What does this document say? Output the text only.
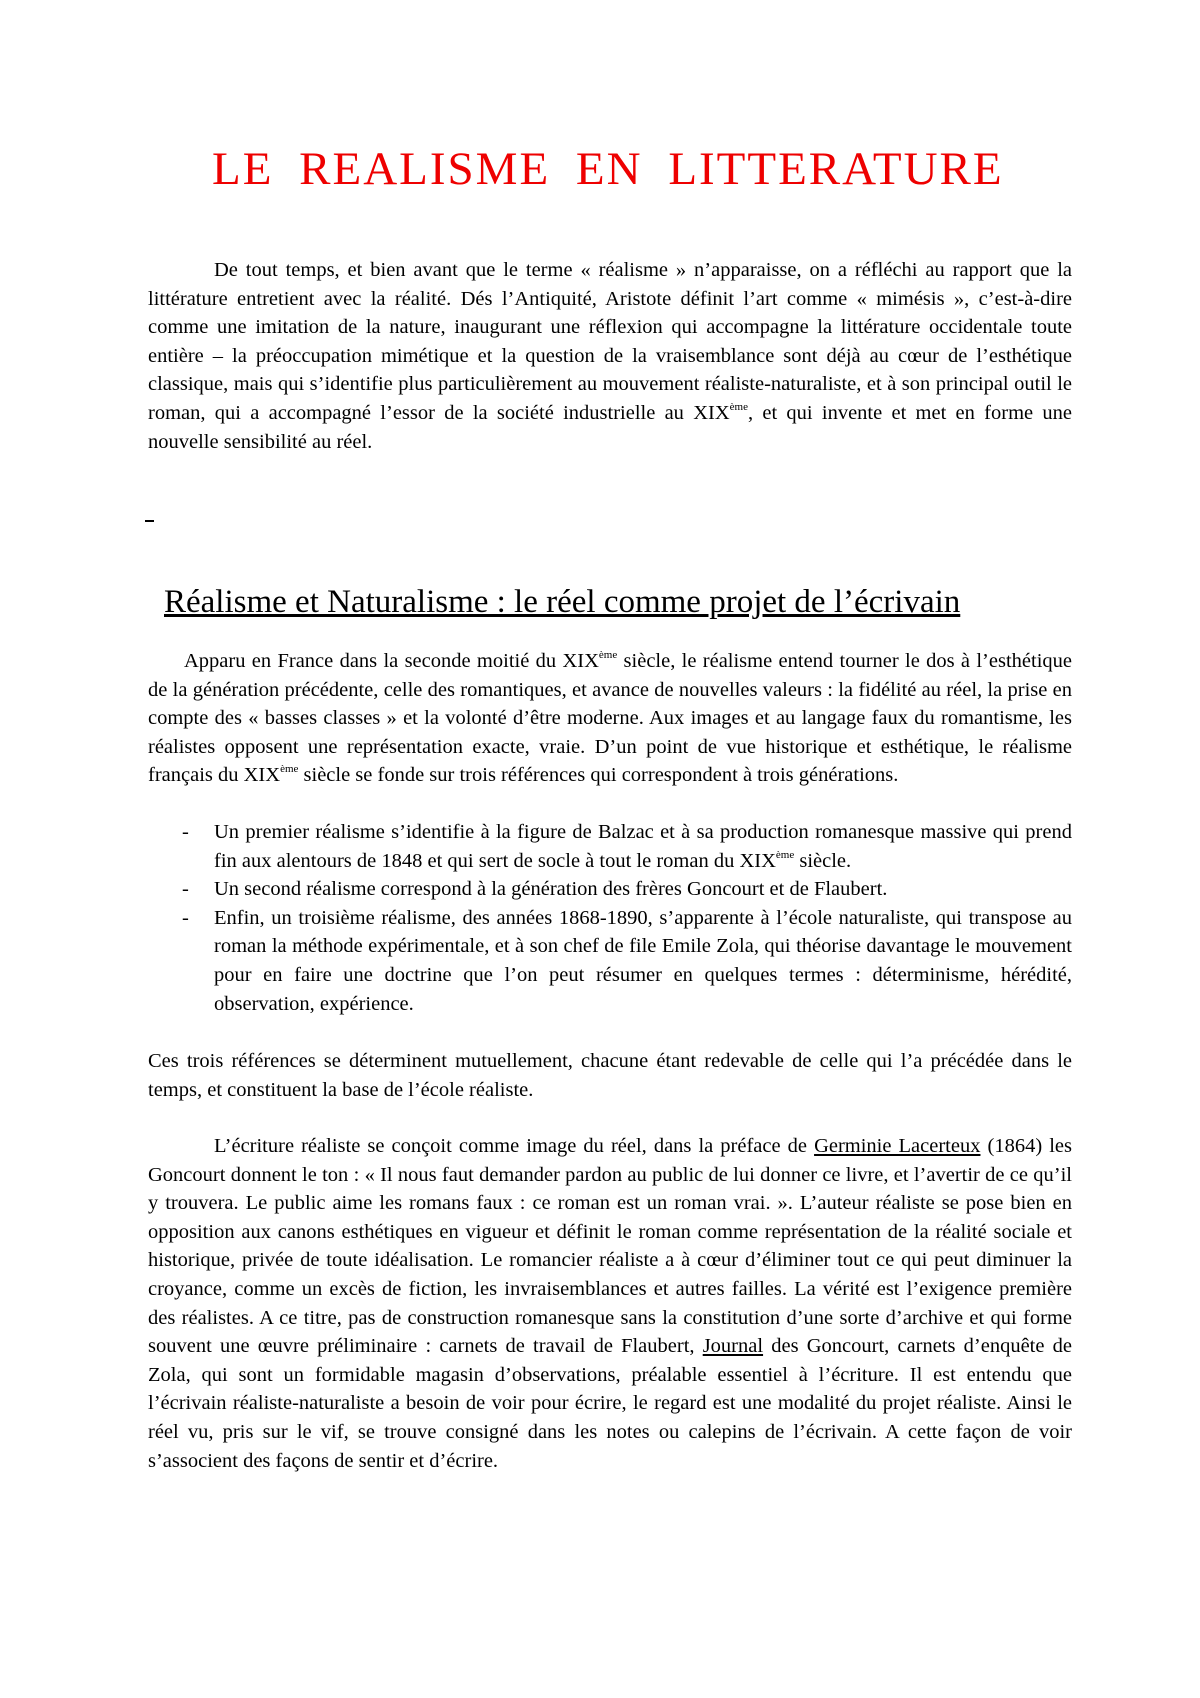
LE REALISME EN LITTERATURE

De tout temps, et bien avant que le terme « réalisme » n’apparaisse, on a réfléchi au rapport que la littérature entretient avec la réalité. Dés l’Antiquité, Aristote définit l’art comme « mimésis », c’est-à-dire comme une imitation de la nature, inaugurant une réflexion qui accompagne la littérature occidentale toute entière – la préoccupation mimétique et la question de la vraisemblance sont déjà au cœur de l’esthétique classique, mais qui s’identifie plus particulièrement au mouvement réaliste-naturaliste, et à son principal outil le roman, qui a accompagné l’essor de la société industrielle au XIXème, et qui invente et met en forme une nouvelle sensibilité au réel.

Réalisme et Naturalisme : le réel comme projet de l’écrivain

Apparu en France dans la seconde moitié du XIXème siècle, le réalisme entend tourner le dos à l’esthétique de la génération précédente, celle des romantiques, et avance de nouvelles valeurs : la fidélité au réel, la prise en compte des « basses classes » et la volonté d’être moderne. Aux images et au langage faux du romantisme, les réalistes opposent une représentation exacte, vraie. D’un point de vue historique et esthétique, le réalisme français du XIXème siècle se fonde sur trois références qui correspondent à trois générations.

- Un premier réalisme s’identifie à la figure de Balzac et à sa production romanesque massive qui prend fin aux alentours de 1848 et qui sert de socle à tout le roman du XIXème siècle.
- Un second réalisme correspond à la génération des frères Goncourt et de Flaubert.
- Enfin, un troisième réalisme, des années 1868-1890, s’apparente à l’école naturaliste, qui transpose au roman la méthode expérimentale, et à son chef de file Emile Zola, qui théorise davantage le mouvement pour en faire une doctrine que l’on peut résumer en quelques termes : déterminisme, hérédité, observation, expérience.

Ces trois références se déterminent mutuellement, chacune étant redevable de celle qui l’a précédée dans le temps, et constituent la base de l’école réaliste.

L’écriture réaliste se conçoit comme image du réel, dans la préface de Germinie Lacerteux (1864) les Goncourt donnent le ton : « Il nous faut demander pardon au public de lui donner ce livre, et l’avertir de ce qu’il y trouvera. Le public aime les romans faux : ce roman est un roman vrai. ». L’auteur réaliste se pose bien en opposition aux canons esthétiques en vigueur et définit le roman comme représentation de la réalité sociale et historique, privée de toute idéalisation. Le romancier réaliste a à cœur d’éliminer tout ce qui peut diminuer la croyance, comme un excès de fiction, les invraisemblances et autres failles. La vérité est l’exigence première des réalistes. A ce titre, pas de construction romanesque sans la constitution d’une sorte d’archive et qui forme souvent une œuvre préliminaire : carnets de travail de Flaubert, Journal des Goncourt, carnets d’enquête de Zola, qui sont un formidable magasin d’observations, préalable essentiel à l’écriture. Il est entendu que l’écrivain réaliste-naturaliste a besoin de voir pour écrire, le regard est une modalité du projet réaliste. Ainsi le réel vu, pris sur le vif, se trouve consigné dans les notes ou calepins de l’écrivain. A cette façon de voir s’associent des façons de sentir et d’écrire.
